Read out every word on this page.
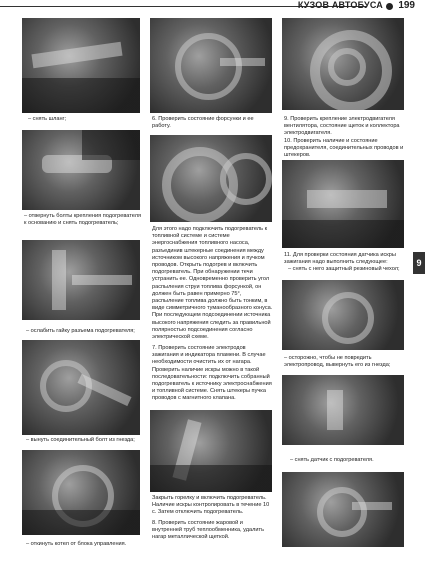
КУЗОВ АВТОБУСА 199
– снять шланг;
– отвернуть болты крепления подогревателя к основанию и снять подогреватель;
– ослабить гайку разъема подогревателя;
– вынуть соединительный болт из гнезда;
– откинуть котел от блока управления.
6. Проверить состояние форсунки и ее работу.
Для этого надо подключить подогреватель к топливной системе и системе энергоснабжения топливного насоса, разъединив штекерные соединения между источником высокого напряжения и пучком проводов. Открыть подогрев и включить подогреватель. При обнаружении течи устранить ее. Одновременно проверить угол распыления струи топлива форсункой, он должен быть равен примерно 75°, распыление топлива должно быть тонким, в виде симметричного туманообразного конуса. При последующем подсоединении источника высокого напряжения следить за правильной полярностью подсоединения согласно электрической схеме.
7. Проверить состояние электродов зажигания и индикатора пламени. В случае необходимости очистить их от нагара. Проверить наличие искры можно в такой последовательности: подключить собранный подогреватель к источнику электроснабжения и топливной системе. Снять штекеры пучка проводов с магнитного клапана.
Закрыть горелку и включить подогреватель. Наличие искры контролировать в течение 10 с. Затем отключить подогреватель.
8. Проверить состояние жаровой и внутренней труб теплообменника, удалить нагар металлической щеткой.
9. Проверить крепление электродвигателя вентилятора, состояние щеток и коллектора электродвигателя.
10. Проверить наличие и состояние предохранителя, соединительных проводов и штекеров.
11. Для проверки состояния датчика искры зажигания надо выполнить следующее:
– снять с него защитный резиновый чехол;
9
– осторожно, чтобы не повредить электропровод, вывернуть его из гнезда;
– снять датчик с подогревателя.
